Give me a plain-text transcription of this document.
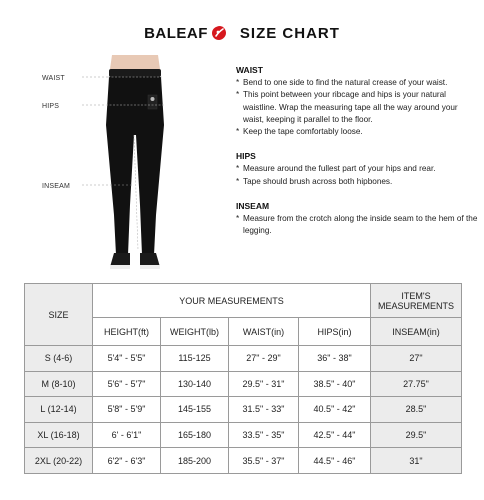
BALEAF SIZE CHART
WAIST
HIPS
INSEAM
WAIST
* Bend to one side to find the natural crease of your waist.
* This point between your ribcage and hips is your natural waistline. Wrap the measuring tape all the way around your waist, keeping it parallel to the floor.
* Keep the tape comfortably loose.
HIPS
* Measure around the fullest part of your hips and rear.
* Tape should brush across both hipbones.
INSEAM
* Measure from the crotch along the inside seam to the hem of the legging.
SIZE	YOUR MEASUREMENTS				ITEM'S MEASUREMENTS
	HEIGHT(ft)	WEIGHT(lb)	WAIST(in)	HIPS(in)	INSEAM(in)
S (4-6)	5'4" - 5'5"	115-125	27" - 29"	36" - 38"	27"
M (8-10)	5'6" - 5'7"	130-140	29.5" - 31"	38.5" - 40"	27.75"
L (12-14)	5'8" - 5'9"	145-155	31.5" - 33"	40.5" - 42"	28.5"
XL (16-18)	6' - 6'1"	165-180	33.5" - 35"	42.5" - 44"	29.5"
2XL (20-22)	6'2" - 6'3"	185-200	35.5" - 37"	44.5" - 46"	31"
